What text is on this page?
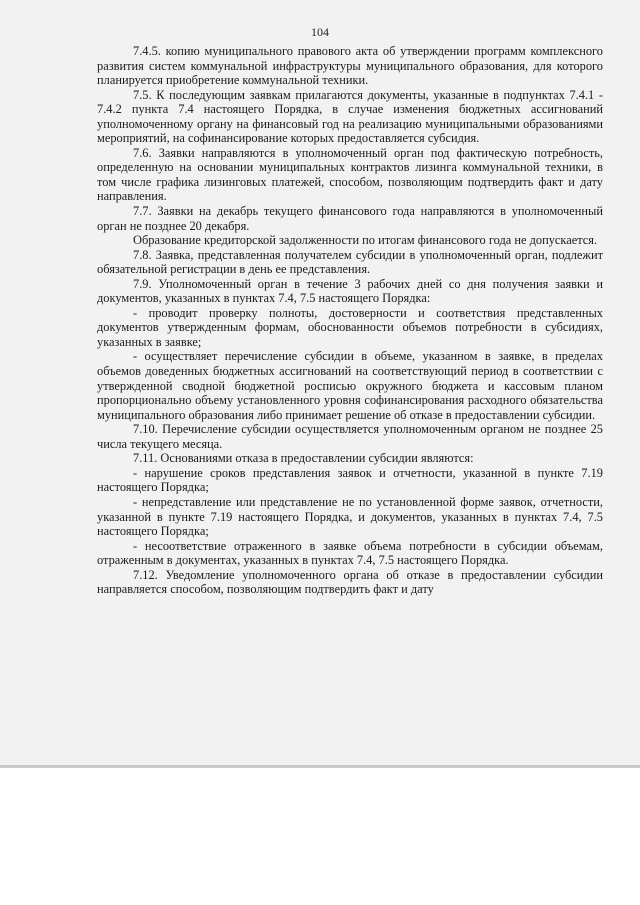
104

7.4.5. копию муниципального правового акта об утверждении программ комплексного развития систем коммунальной инфраструктуры муниципального образования, для которого планируется приобретение коммунальной техники.

7.5. К последующим заявкам прилагаются документы, указанные в подпунктах 7.4.1 - 7.4.2 пункта 7.4 настоящего Порядка, в случае изменения бюджетных ассигнований уполномоченному органу на финансовый год на реализацию муниципальными образованиями мероприятий, на софинансирование которых предоставляется субсидия.

7.6. Заявки направляются в уполномоченный орган под фактическую потребность, определенную на основании муниципальных контрактов лизинга коммунальной техники, в том числе графика лизинговых платежей, способом, позволяющим подтвердить факт и дату направления.

7.7. Заявки на декабрь текущего финансового года направляются в уполномоченный орган не позднее 20 декабря.

Образование кредиторской задолженности по итогам финансового года не допускается.

7.8. Заявка, представленная получателем субсидии в уполномоченный орган, подлежит обязательной регистрации в день ее представления.

7.9. Уполномоченный орган в течение 3 рабочих дней со дня получения заявки и документов, указанных в пунктах 7.4, 7.5 настоящего Порядка:

- проводит проверку полноты, достоверности и соответствия представленных документов утвержденным формам, обоснованности объемов потребности в субсидиях, указанных в заявке;

- осуществляет перечисление субсидии в объеме, указанном в заявке, в пределах объемов доведенных бюджетных ассигнований на соответствующий период в соответствии с утвержденной сводной бюджетной росписью окружного бюджета и кассовым планом пропорционально объему установленного уровня софинансирования расходного обязательства муниципального образования либо принимает решение об отказе в предоставлении субсидии.

7.10. Перечисление субсидии осуществляется уполномоченным органом не позднее 25 числа текущего месяца.

7.11. Основаниями отказа в предоставлении субсидии являются:

- нарушение сроков представления заявок и отчетности, указанной в пункте 7.19 настоящего Порядка;

- непредставление или представление не по установленной форме заявок, отчетности, указанной в пункте 7.19 настоящего Порядка, и документов, указанных в пунктах 7.4, 7.5 настоящего Порядка;

- несоответствие отраженного в заявке объема потребности в субсидии объемам, отраженным в документах, указанных в пунктах 7.4, 7.5 настоящего Порядка.

7.12. Уведомление уполномоченного органа об отказе в предоставлении субсидии направляется способом, позволяющим подтвердить факт и дату
